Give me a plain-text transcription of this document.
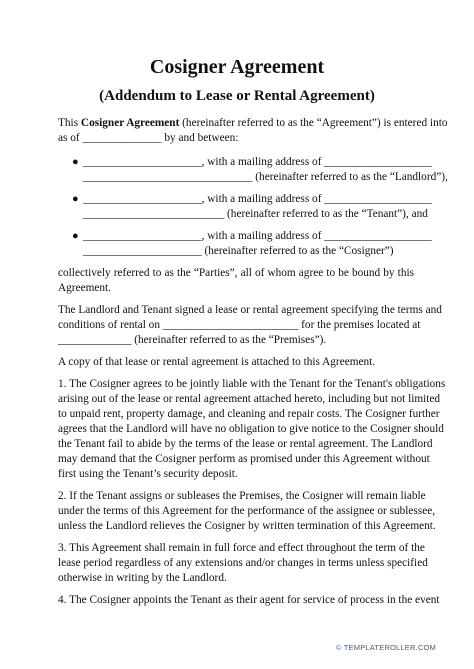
Cosigner Agreement
(Addendum to Lease or Rental Agreement)
This Cosigner Agreement (hereinafter referred to as the “Agreement”) is entered into
as of ______________ by and between:
● _____________________, with a mailing address of ___________________
______________________________ (hereinafter referred to as the “Landlord”),
● _____________________, with a mailing address of ___________________
_________________________ (hereinafter referred to as the “Tenant”), and
● _____________________, with a mailing address of ___________________
_____________________ (hereinafter referred to as the “Cosigner”)
collectively referred to as the “Parties”, all of whom agree to be bound by this
Agreement.
The Landlord and Tenant signed a lease or rental agreement specifying the terms and
conditions of rental on ________________________ for the premises located at
_____________ (hereinafter referred to as the “Premises”).
A copy of that lease or rental agreement is attached to this Agreement.
1. The Cosigner agrees to be jointly liable with the Tenant for the Tenant's obligations
arising out of the lease or rental agreement attached hereto, including but not limited
to unpaid rent, property damage, and cleaning and repair costs. The Cosigner further
agrees that the Landlord will have no obligation to give notice to the Cosigner should
the Tenant fail to abide by the terms of the lease or rental agreement. The Landlord
may demand that the Cosigner perform as promised under this Agreement without
first using the Tenant’s security deposit.
2. If the Tenant assigns or subleases the Premises, the Cosigner will remain liable
under the terms of this Agreement for the performance of the assignee or sublessee,
unless the Landlord relieves the Cosigner by written termination of this Agreement.
3. This Agreement shall remain in full force and effect throughout the term of the
lease period regardless of any extensions and/or changes in terms unless specified
otherwise in writing by the Landlord.
4. The Cosigner appoints the Tenant as their agent for service of process in the event
© TEMPLATEROLLER.COM
